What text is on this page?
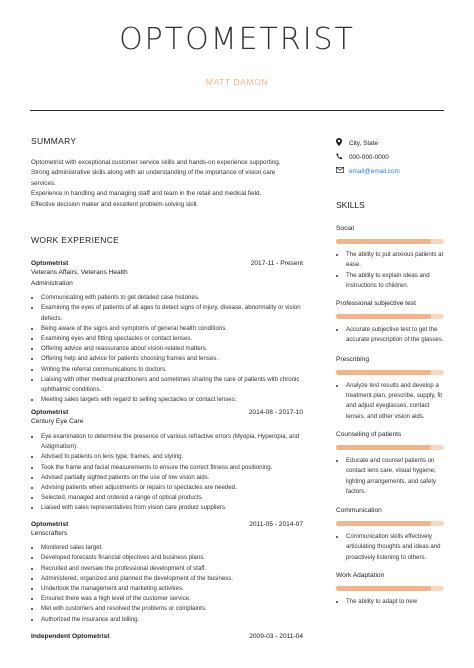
OPTOMETRIST
MATT DAMON
SUMMARY
Optometrist with exceptional customer service skills and hands-on experience supporting.
Strong administrative skills along with an understanding of the importance of vision care
services.
Experience in handling and managing staff and team in the retail and medical field.
Effective decision maker and excellent problem-solving skill.
WORK EXPERIENCE
Optometrist	2017-11 - Present
Veterans Affairs, Veterans Health
Administration
• Communicating with patients to get detailed case histories.
• Examining the eyes of patients of all ages to detect signs of injury, disease, abnormality or vision defects.
• Being aware of the signs and symptoms of general health conditions.
• Examining eyes and fitting spectacles or contact lenses.
• Offering advice and reassurance about vision-related matters.
• Offering help and advice for patients choosing frames and lenses.
• Writing the referral communications to doctors.
• Liaising with other medical practitioners and sometimes sharing the care of patients with chronic ophthalmic conditions.
• Meeting sales targets with regard to selling spectacles or contact lenses.
Optometrist	2014-08 - 2017-10
Century Eye Care
• Eye examination to determine the presence of various refractive errors (Myopia, Hyperopia, and Astigmatism).
• Advised to patients on lens type, frames, and styling.
• Took the frame and facial measurements to ensure the correct fitness and positioning.
• Advised partially sighted patients on the use of low vision aids.
• Advising patients when adjustments or repairs to spectacles are needed.
• Selected, managed and ordered a range of optical products.
• Liaised with sales representatives from vision care product suppliers.
Optometrist	2011-05 - 2014-07
Lenscrafters
• Monitored sales target.
• Developed forecasts financial objectives and business plans.
• Recruited and oversaw the professional development of staff.
• Administered, organized and planned the development of the business.
• Undertook the management and marketing activities.
• Ensured there was a high level of the customer service.
• Met with customers and resolved the problems or complaints.
• Authorized the insurance and billing.
Independent Optometrist	2009-03 - 2011-04
City, State
000-000-0000
email@email.com
SKILLS
Social
• The ability to put anxious patients at ease.
• The ability to explain ideas and instructions to children.
Professional subjective test
• Accurate subjective test to get the accurate prescription of the glasses.
Prescribing
• Analyze test results and develop a treatment plan, prescribe, supply, fit and adjust eyeglasses, contact lenses, and other vision aids.
Counseling of patients
• Educate and counsel patients on contact lens care, visual hygiene, lighting arrangements, and safety factors.
Communication
• Communication skills effectively articulating thoughts and ideas and proactively listening to others.
Work Adaptation
• The ability to adapt to new
